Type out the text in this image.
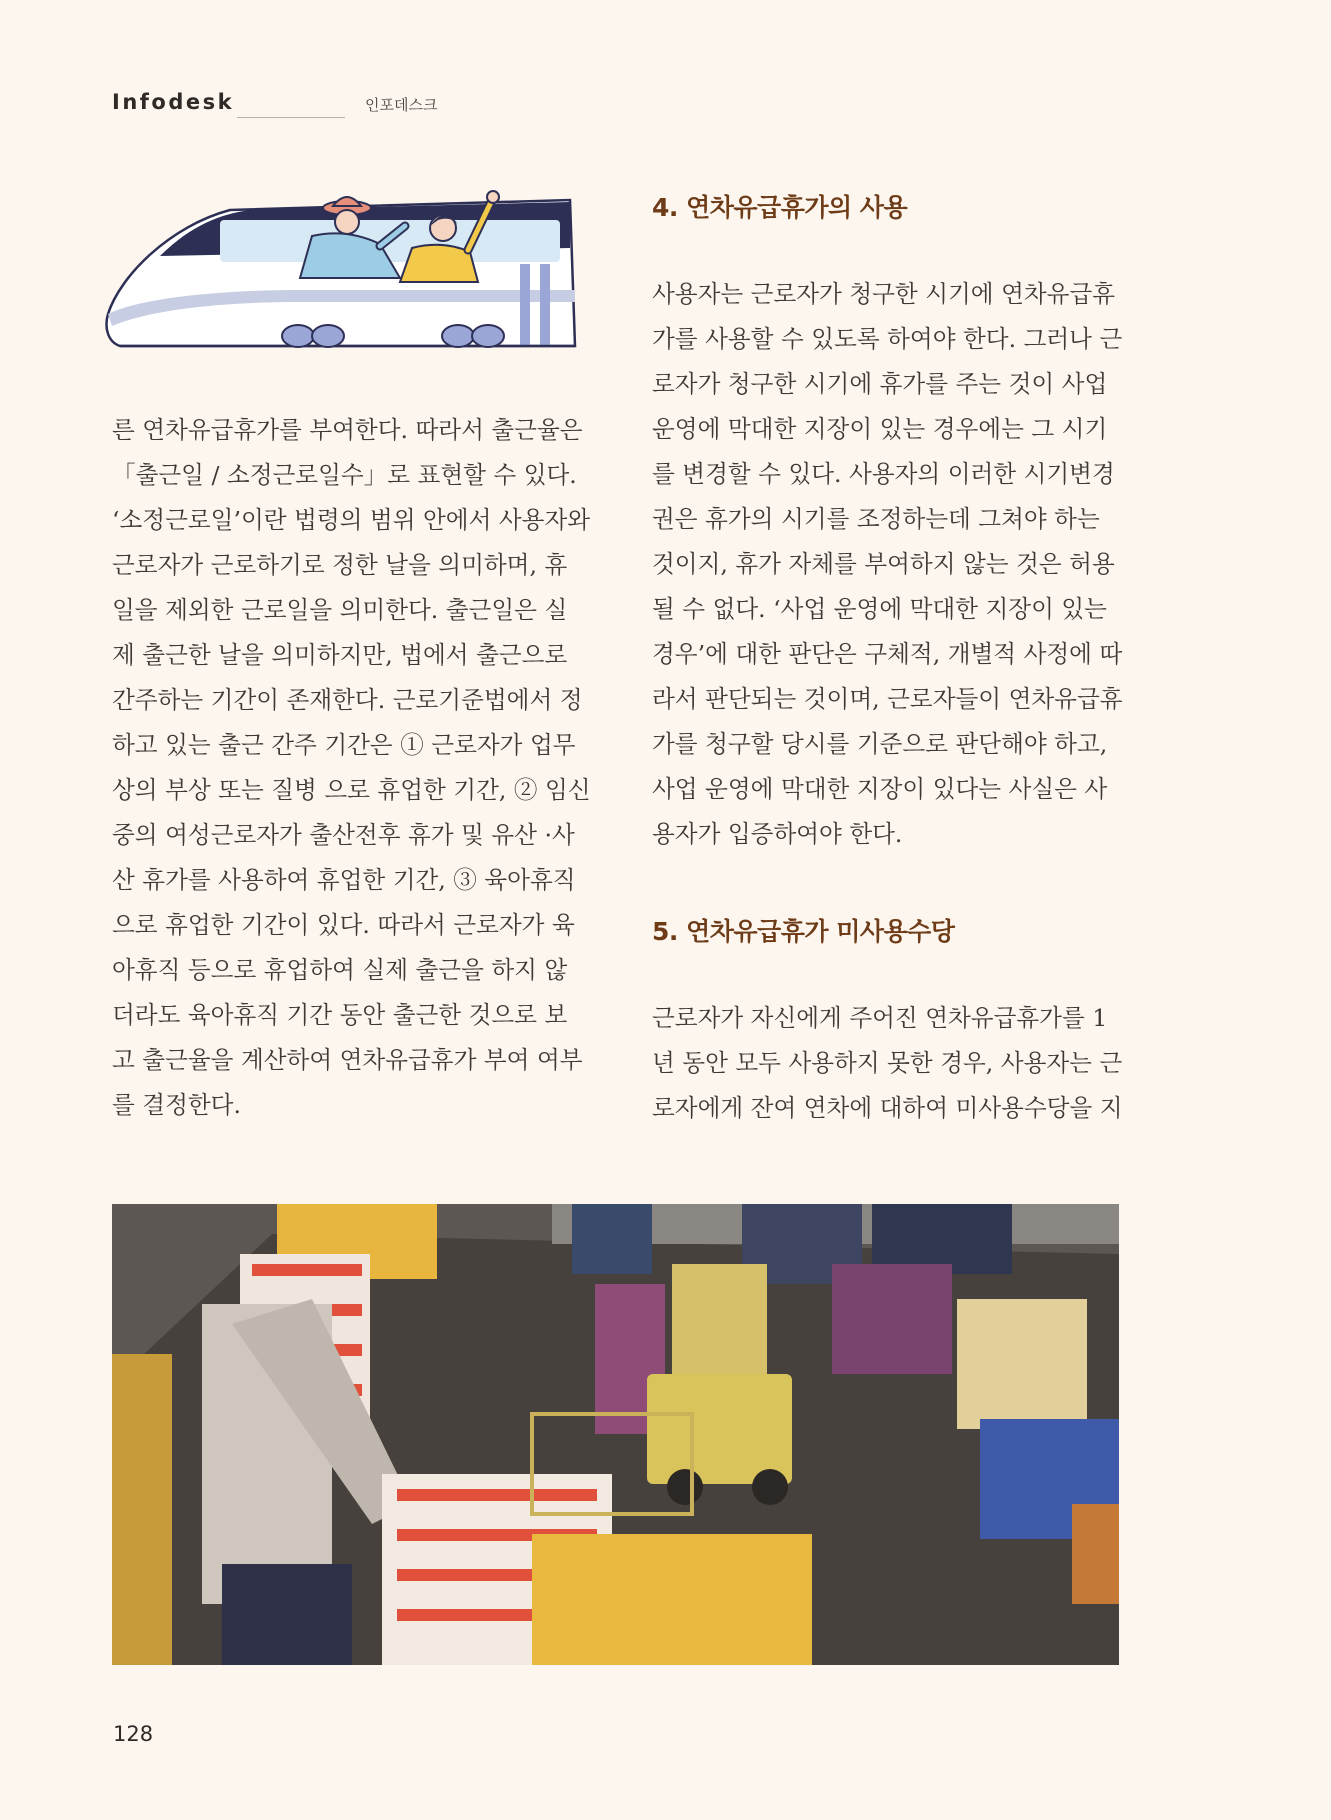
Infodesk	인포데스크
른 연차유급휴가를 부여한다. 따라서 출근율은
「출근일 / 소정근로일수」로 표현할 수 있다.
‘소정근로일’이란 법령의 범위 안에서 사용자와
근로자가 근로하기로 정한 날을 의미하며, 휴
일을 제외한 근로일을 의미한다. 출근일은 실
제 출근한 날을 의미하지만, 법에서 출근으로
간주하는 기간이 존재한다. 근로기준법에서 정
하고 있는 출근 간주 기간은 ① 근로자가 업무
상의 부상 또는 질병 으로 휴업한 기간, ② 임신
중의 여성근로자가 출산전후 휴가 및 유산 ·사
산 휴가를 사용하여 휴업한 기간, ③ 육아휴직
으로 휴업한 기간이 있다. 따라서 근로자가 육
아휴직 등으로 휴업하여 실제 출근을 하지 않
더라도 육아휴직 기간 동안 출근한 것으로 보
고 출근율을 계산하여 연차유급휴가 부여 여부
를 결정한다.
4. 연차유급휴가의 사용
사용자는 근로자가 청구한 시기에 연차유급휴
가를 사용할 수 있도록 하여야 한다. 그러나 근
로자가 청구한 시기에 휴가를 주는 것이 사업
운영에 막대한 지장이 있는 경우에는 그 시기
를 변경할 수 있다. 사용자의 이러한 시기변경
권은 휴가의 시기를 조정하는데 그쳐야 하는
것이지, 휴가 자체를 부여하지 않는 것은 허용
될 수 없다. ‘사업 운영에 막대한 지장이 있는
경우’에 대한 판단은 구체적, 개별적 사정에 따
라서 판단되는 것이며, 근로자들이 연차유급휴
가를 청구할 당시를 기준으로 판단해야 하고,
사업 운영에 막대한 지장이 있다는 사실은 사
용자가 입증하여야 한다.
5. 연차유급휴가 미사용수당
근로자가 자신에게 주어진 연차유급휴가를 1
년 동안 모두 사용하지 못한 경우, 사용자는 근
로자에게 잔여 연차에 대하여 미사용수당을 지
128
